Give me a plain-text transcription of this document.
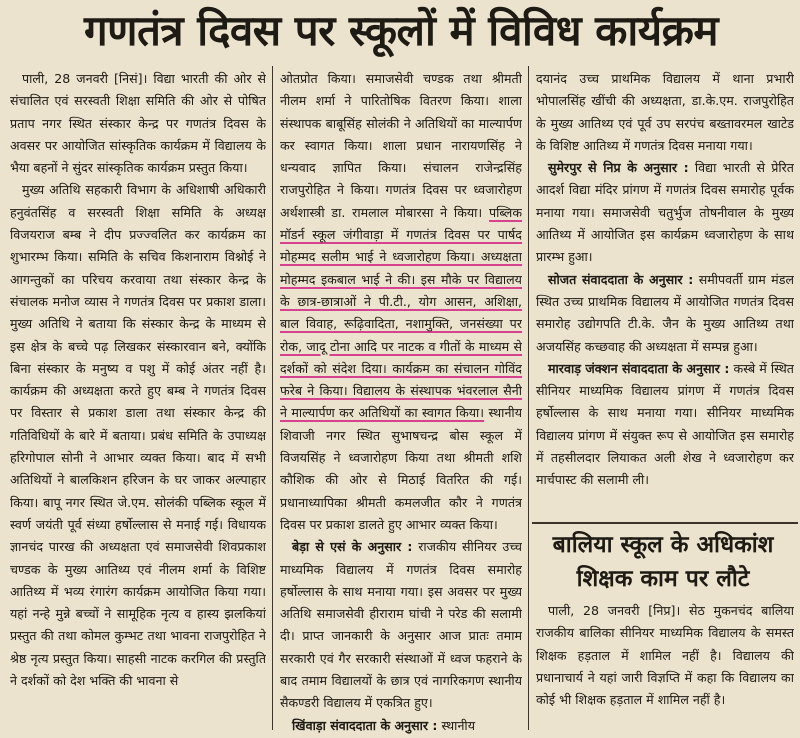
गणतंत्र दिवस पर स्कूलों में विविध कार्यक्रम

पाली, 28 जनवरी [निसं]। विद्या भारती की ओर से संचालित एवं सरस्वती शिक्षा समिति की ओर से पोषित प्रताप नगर स्थित संस्कार केन्द्र पर गणतंत्र दिवस के अवसर पर आयोजित सांस्कृतिक कार्यक्रम में विद्यालय के भैया बहनों ने सुंदर सांस्कृतिक कार्यक्रम प्रस्तुत किया।

मुख्य अतिथि सहकारी विभाग के अधिशाषी अधिकारी हनुवंतसिंह व सरस्वती शिक्षा समिति के अध्यक्ष विजयराज बम्ब ने दीप प्रज्ज्वलित कर कार्यक्रम का शुभारम्भ किया। समिति के सचिव किशनाराम विश्नोई ने आगन्तुकों का परिचय करवाया तथा संस्कार केन्द्र के संचालक मनोज व्यास ने गणतंत्र दिवस पर प्रकाश डाला। मुख्य अतिथि ने बताया कि संस्कार केन्द्र के माध्यम से इस क्षेत्र के बच्चे पढ़ लिखकर संस्कारवान बने, क्योंकि बिना संस्कार के मनुष्य व पशु में कोई अंतर नहीं है। कार्यक्रम की अध्यक्षता करते हुए बम्ब ने गणतंत्र दिवस पर विस्तार से प्रकाश डाला तथा संस्कार केन्द्र की गतिविधियों के बारे में बताया। प्रबंध समिति के उपाध्यक्ष हरिगोपाल सोनी ने आभार व्यक्त किया। बाद में सभी अतिथियों ने बालकिशन हरिजन के घर जाकर अल्पाहार किया। बापू नगर स्थित जे.एम. सोलंकी पब्लिक स्कूल में स्वर्ण जयंती पूर्व संध्या हर्षोल्लास से मनाई गई। विधायक ज्ञानचंद पारख की अध्यक्षता एवं समाजसेवी शिवप्रकाश चण्डक के मुख्य आतिथ्य एवं नीलम शर्मा के विशिष्ट आतिथ्य में भव्य रंगारंग कार्यक्रम आयोजित किया गया। यहां नन्हे मुन्ने बच्चों ने सामूहिक नृत्य व हास्य झलकियां प्रस्तुत की तथा कोमल कुम्भट तथा भावना राजपुरोहित ने श्रेष्ठ नृत्य प्रस्तुत किया। साहसी नाटक करगिल की प्रस्तुति ने दर्शकों को देश भक्ति की भावना से

ओतप्रोत किया। समाजसेवी चण्डक तथा श्रीमती नीलम शर्मा ने पारितोषिक वितरण किया। शाला संस्थापक बाबूसिंह सोलंकी ने अतिथियों का माल्यार्पण कर स्वागत किया। शाला प्रधान नारायणसिंह ने धन्यवाद ज्ञापित किया। संचालन राजेन्द्रसिंह राजपुरोहित ने किया। गणतंत्र दिवस पर ध्वजारोहण अर्थशास्त्री डा. रामलाल मोबारसा ने किया। पब्लिक मॉडर्न स्कूल जंगीवाड़ा में गणतंत्र दिवस पर पार्षद मोहम्मद सलीम भाई ने ध्वजारोहण किया। अध्यक्षता मोहम्मद इकबाल भाई ने की। इस मौके पर विद्यालय के छात्र-छात्राओं ने पी.टी., योग आसन, अशिक्षा, बाल विवाह, रूढ़िवादिता, नशामुक्ति, जनसंख्या पर रोक, जादू टोना आदि पर नाटक व गीतों के माध्यम से दर्शकों को संदेश दिया। कार्यक्रम का संचालन गोविंद फरेब ने किया। विद्यालय के संस्थापक भंवरलाल सैनी ने माल्यार्पण कर अतिथियों का स्वागत किया। स्थानीय शिवाजी नगर स्थित सुभाषचन्द्र बोस स्कूल में विजयसिंह ने ध्वजारोहण किया तथा श्रीमती शशि कौशिक की ओर से मिठाई वितरित की गई। प्रधानाध्यापिका श्रीमती कमलजीत कौर ने गणतंत्र दिवस पर प्रकाश डालते हुए आभार व्यक्त किया।

बेड़ा से एसं के अनुसार : राजकीय सीनियर उच्च माध्यमिक विद्यालय में गणतंत्र दिवस समारोह हर्षोल्लास के साथ मनाया गया। इस अवसर पर मुख्य अतिथि समाजसेवी हीराराम घांची ने परेड की सलामी दी। प्राप्त जानकारी के अनुसार आज प्रातः तमाम सरकारी एवं गैर सरकारी संस्थाओं में ध्वज फहराने के बाद तमाम विद्यालयों के छात्र एवं नागरिकगण स्थानीय सैकण्डरी विद्यालय में एकत्रित हुए।

खिंवाड़ा संवाददाता के अनुसार : स्थानीय

दयानंद उच्च प्राथमिक विद्यालय में थाना प्रभारी भोपालसिंह खींची की अध्यक्षता, डा.के.एम. राजपुरोहित के मुख्य आतिथ्य एवं पूर्व उप सरपंच बख्तावरमल खाटेड के विशिष्ट आतिथ्य में गणतंत्र दिवस मनाया गया।

सुमेरपुर से निप्र के अनुसार : विद्या भारती से प्रेरित आदर्श विद्या मंदिर प्रांगण में गणतंत्र दिवस समारोह पूर्वक मनाया गया। समाजसेवी चतुर्भुज तोषनीवाल के मुख्य आतिथ्य में आयोजित इस कार्यक्रम ध्वजारोहण के साथ प्रारम्भ हुआ।

सोजत संवाददाता के अनुसार : समीपवर्ती ग्राम मंडल स्थित उच्च प्राथमिक विद्यालय में आयोजित गणतंत्र दिवस समारोह उद्योगपति टी.के. जैन के मुख्य आतिथ्य तथा अजयसिंह कच्छवाह की अध्यक्षता में सम्पन्न हुआ।

मारवाड़ जंक्शन संवाददाता के अनुसार : कस्बे में स्थित सीनियर माध्यमिक विद्यालय प्रांगण में गणतंत्र दिवस हर्षोल्लास के साथ मनाया गया। सीनियर माध्यमिक विद्यालय प्रांगण में संयुक्त रूप से आयोजित इस समारोह में तहसीलदार लियाकत अली शेख ने ध्वजारोहण कर मार्चपास्ट की सलामी ली।

बालिया स्कूल के अधिकांश
शिक्षक काम पर लौटे

पाली, 28 जनवरी [निप्र]। सेठ मुकनचंद बालिया राजकीय बालिका सीनियर माध्यमिक विद्यालय के समस्त शिक्षक हड़ताल में शामिल नहीं है। विद्यालय की प्रधानाचार्य ने यहां जारी विज्ञप्ति में कहा कि विद्यालय का कोई भी शिक्षक हड़ताल में शामिल नहीं है।
